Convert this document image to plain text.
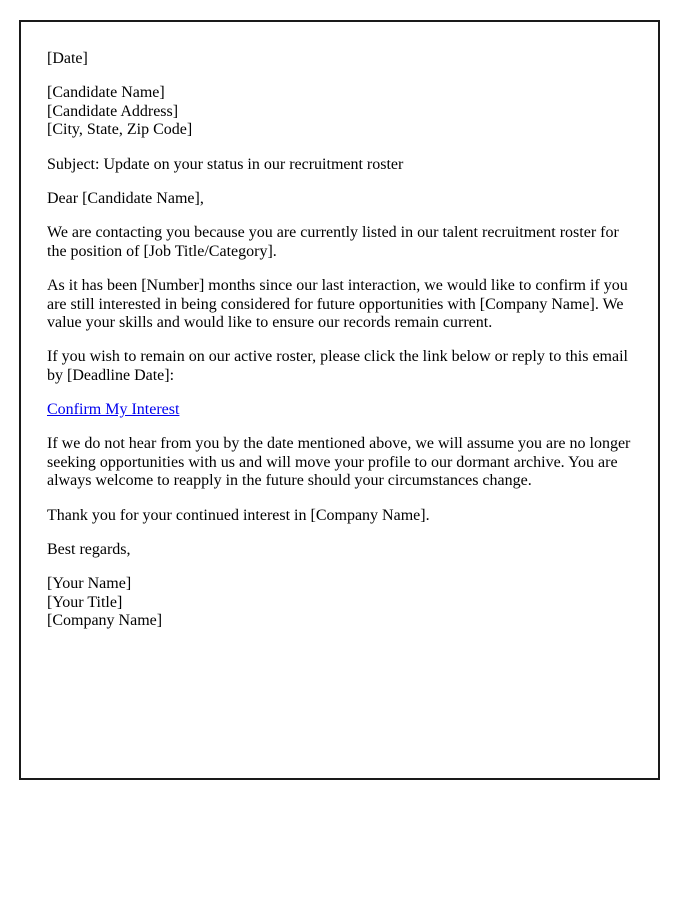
[Date]

[Candidate Name]
[Candidate Address]
[City, State, Zip Code]

Subject: Update on your status in our recruitment roster

Dear [Candidate Name],

We are contacting you because you are currently listed in our talent recruitment roster for the position of [Job Title/Category].

As it has been [Number] months since our last interaction, we would like to confirm if you are still interested in being considered for future opportunities with [Company Name]. We value your skills and would like to ensure our records remain current.

If you wish to remain on our active roster, please click the link below or reply to this email by [Deadline Date]:

Confirm My Interest

If we do not hear from you by the date mentioned above, we will assume you are no longer seeking opportunities with us and will move your profile to our dormant archive. You are always welcome to reapply in the future should your circumstances change.

Thank you for your continued interest in [Company Name].

Best regards,

[Your Name]
[Your Title]
[Company Name]
